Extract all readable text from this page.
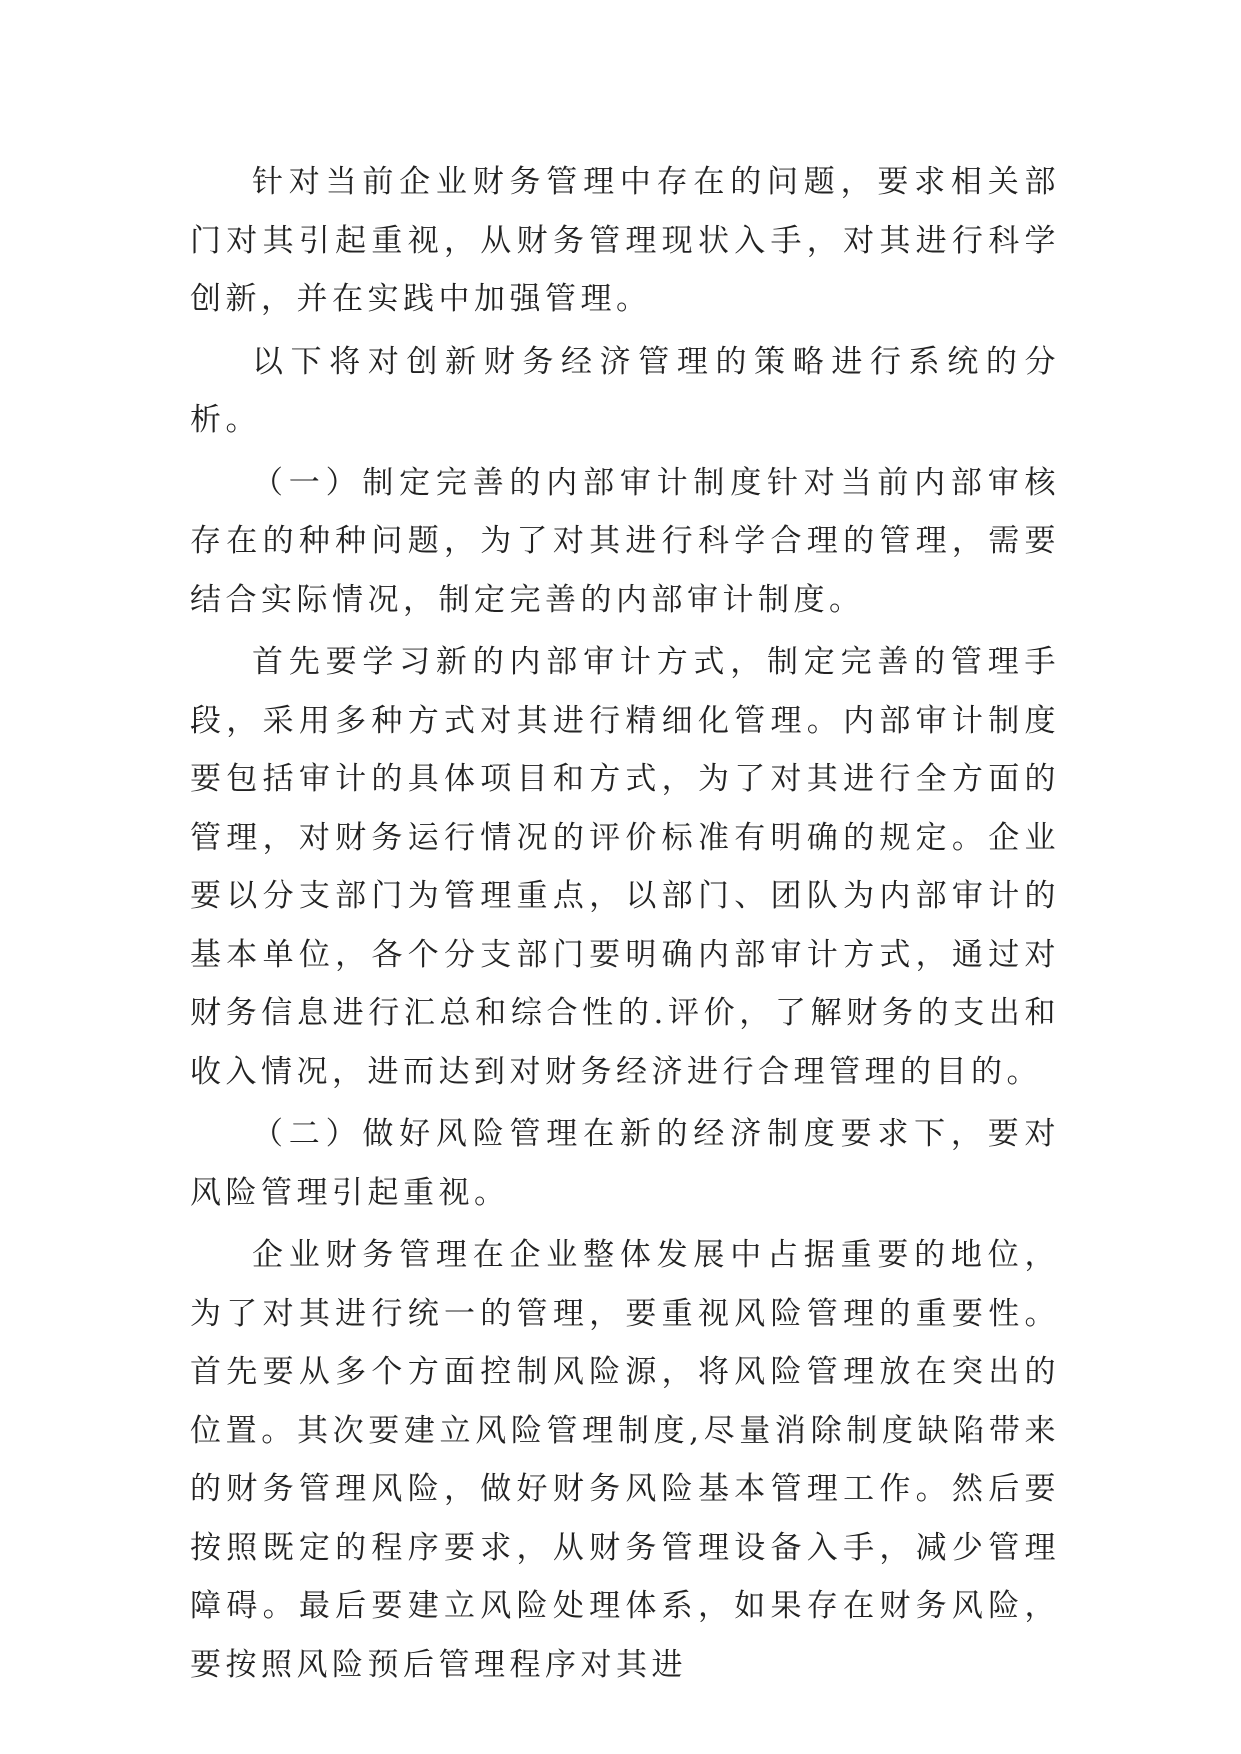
针对当前企业财务管理中存在的问题，要求相关部门对其引起重视，从财务管理现状入手，对其进行科学创新，并在实践中加强管理。

以下将对创新财务经济管理的策略进行系统的分析。

（一）制定完善的内部审计制度针对当前内部审核存在的种种问题，为了对其进行科学合理的管理，需要结合实际情况，制定完善的内部审计制度。

首先要学习新的内部审计方式，制定完善的管理手段，采用多种方式对其进行精细化管理。内部审计制度要包括审计的具体项目和方式，为了对其进行全方面的管理，对财务运行情况的评价标准有明确的规定。企业要以分支部门为管理重点，以部门、团队为内部审计的基本单位，各个分支部门要明确内部审计方式，通过对财务信息进行汇总和综合性的.评价，了解财务的支出和收入情况，进而达到对财务经济进行合理管理的目的。

（二）做好风险管理在新的经济制度要求下，要对风险管理引起重视。

企业财务管理在企业整体发展中占据重要的地位，为了对其进行统一的管理，要重视风险管理的重要性。首先要从多个方面控制风险源，将风险管理放在突出的位置。其次要建立风险管理制度,尽量消除制度缺陷带来的财务管理风险，做好财务风险基本管理工作。然后要按照既定的程序要求，从财务管理设备入手，减少管理障碍。最后要建立风险处理体系，如果存在财务风险，要按照风险预后管理程序对其进
